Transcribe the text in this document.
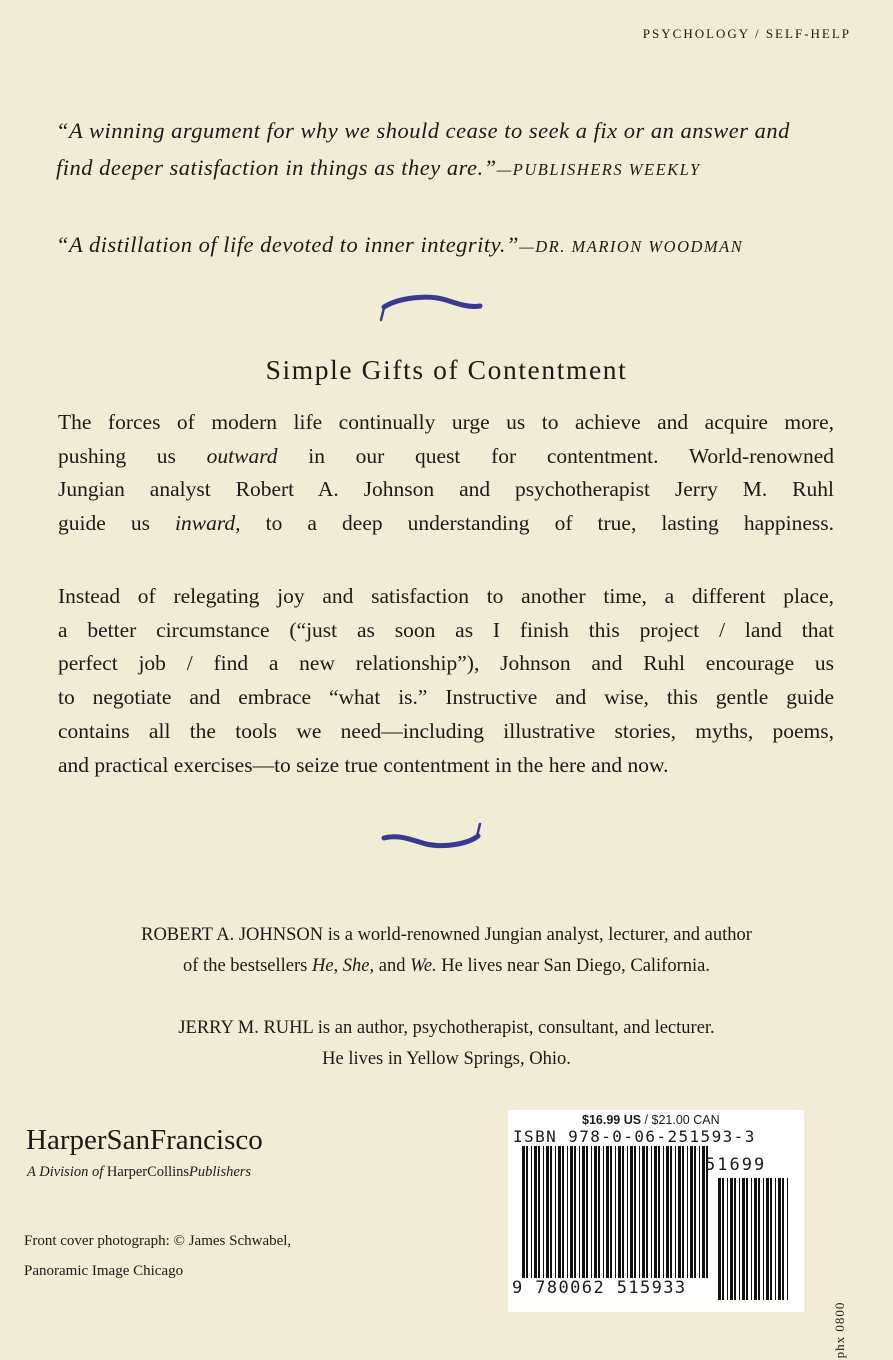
PSYCHOLOGY / SELF-HELP
“A winning argument for why we should cease to seek a fix or an answer and
find deeper satisfaction in things as they are.”—PUBLISHERS WEEKLY
“A distillation of life devoted to inner integrity.”—DR. MARION WOODMAN
Simple Gifts of Contentment
The forces of modern life continually urge us to achieve and acquire more,
pushing us outward in our quest for contentment. World-renowned
Jungian analyst Robert A. Johnson and psychotherapist Jerry M. Ruhl
guide us inward, to a deep understanding of true, lasting happiness.
Instead of relegating joy and satisfaction to another time, a different place,
a better circumstance (“just as soon as I finish this project / land that
perfect job / find a new relationship”), Johnson and Ruhl encourage us
to negotiate and embrace “what is.” Instructive and wise, this gentle guide
contains all the tools we need—including illustrative stories, myths, poems,
and practical exercises—to seize true contentment in the here and now.
ROBERT A. JOHNSON is a world-renowned Jungian analyst, lecturer, and author
of the bestsellers He, She, and We. He lives near San Diego, California.
JERRY M. RUHL is an author, psychotherapist, consultant, and lecturer.
He lives in Yellow Springs, Ohio.
HarperSanFrancisco
A Division of HarperCollinsPublishers
Front cover photograph: © James Schwabel,
Panoramic Image Chicago
$16.99 US / $21.00 CAN
ISBN 978-0-06-251593-3
51699
9 780062 515933
phx 0800
